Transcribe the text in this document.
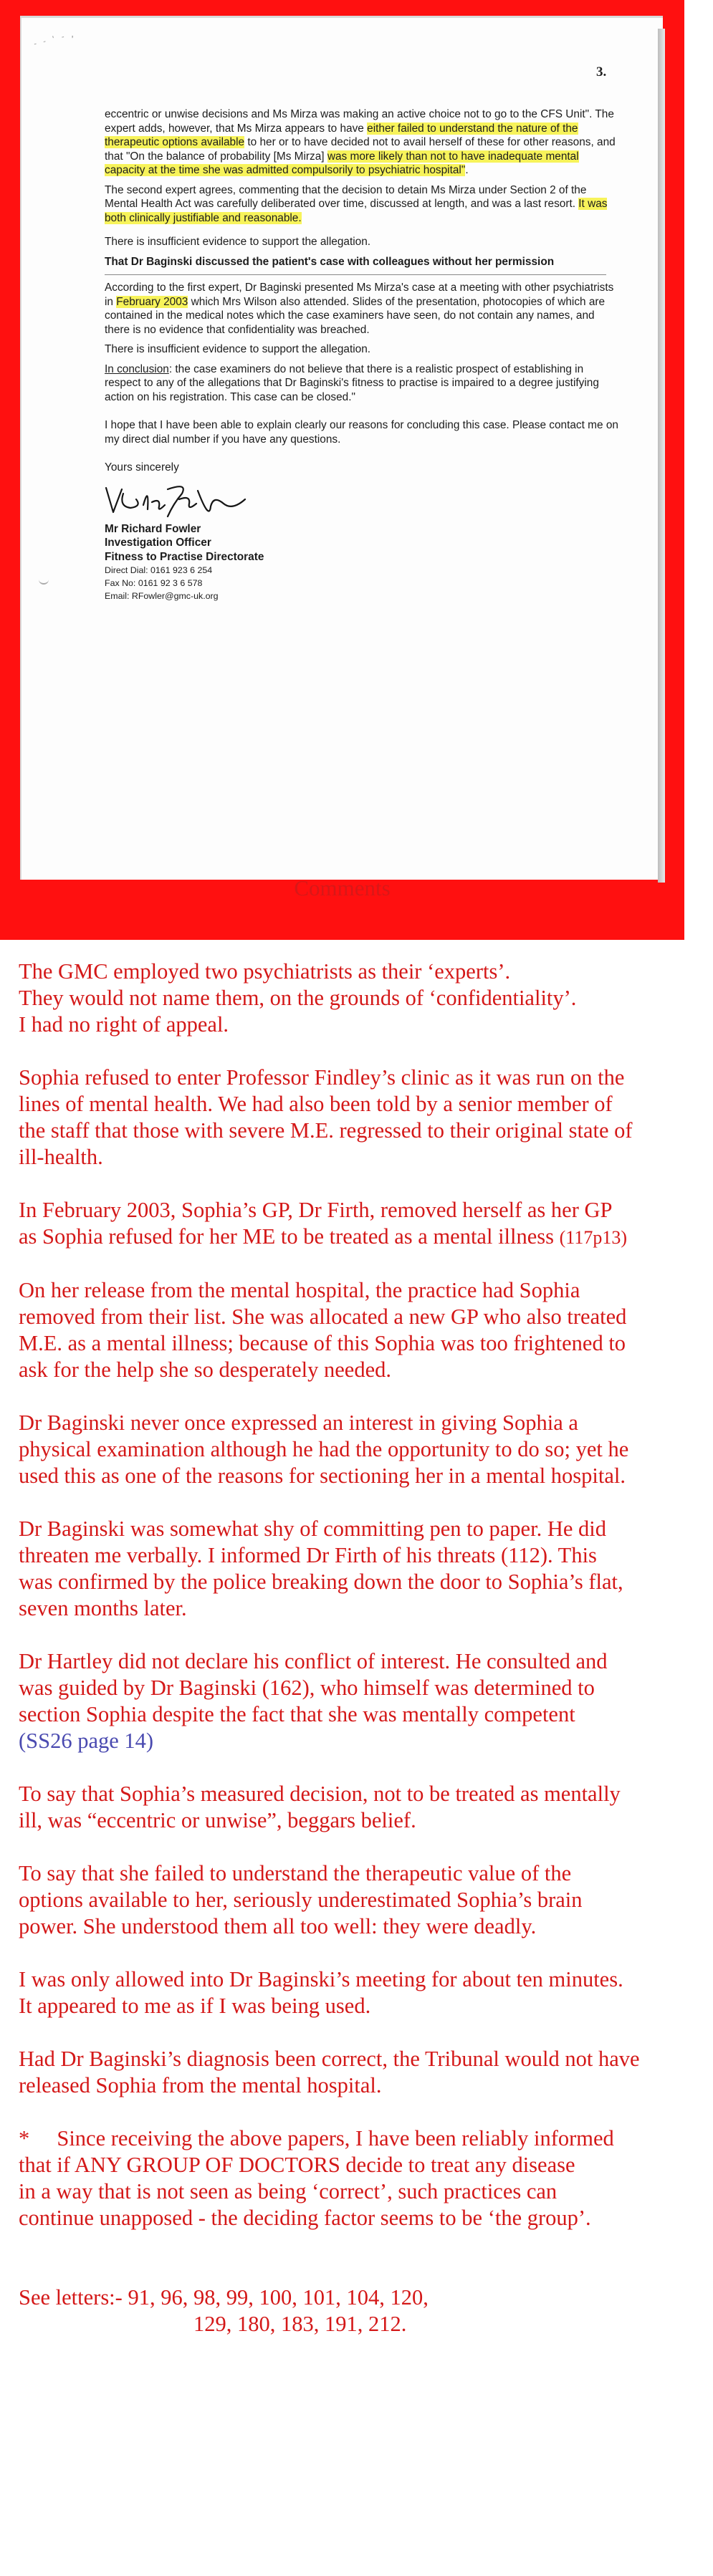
- - ' - ,
3.

eccentric or unwise decisions and Ms Mirza was making an active choice not to go to the CFS Unit". The expert adds, however, that Ms Mirza appears to have either failed to understand the nature of the therapeutic options available to her or to have decided not to avail herself of these for other reasons, and that "On the balance of probability [Ms Mirza] was more likely than not to have inadequate mental capacity at the time she was admitted compulsorily to psychiatric hospital".

The second expert agrees, commenting that the decision to detain Ms Mirza under Section 2 of the Mental Health Act was carefully deliberated over time, discussed at length, and was a last resort. It was both clinically justifiable and reasonable.

There is insufficient evidence to support the allegation.

That Dr Baginski discussed the patient's case with colleagues without her permission

According to the first expert, Dr Baginski presented Ms Mirza's case at a meeting with other psychiatrists in February 2003 which Mrs Wilson also attended. Slides of the presentation, photocopies of which are contained in the medical notes which the case examiners have seen, do not contain any names, and there is no evidence that confidentiality was breached.

There is insufficient evidence to support the allegation.

In conclusion: the case examiners do not believe that there is a realistic prospect of establishing in respect to any of the allegations that Dr Baginski's fitness to practise is impaired to a degree justifying action on his registration. This case can be closed."

I hope that I have been able to explain clearly our reasons for concluding this case. Please contact me on my direct dial number if you have any questions.

Yours sincerely
Mr Richard Fowler
Investigation Officer
Fitness to Practise Directorate
Direct Dial: 0161 923 6 254
Fax No: 0161 92 3 6 578
Email: RFowler@gmc-uk.org
Comments

The GMC employed two psychiatrists as their ‘experts’.

They would not name them, on the grounds of ‘confidentiality’.

I had no right of appeal.

Sophia refused to enter Professor Findley’s clinic as it was run on the

lines of mental health. We had also been told by a senior member of

the staff that those with severe M.E. regressed to their original state of

ill-health.

In February 2003, Sophia’s GP, Dr Firth, removed herself as her GP

as Sophia refused for her ME to be treated as a mental illness (117p13)

On her release from the mental hospital, the practice had Sophia

removed from their list. She was allocated a new GP who also treated

M.E. as a mental illness; because of this Sophia was too frightened to

ask for the help she so desperately needed.

Dr Baginski never once expressed an interest in giving Sophia a

physical examination although he had the opportunity to do so; yet he

used this as one of the reasons for sectioning her in a mental hospital.

Dr Baginski was somewhat shy of committing pen to paper. He did

threaten me verbally. I informed Dr Firth of his threats (112). This

was confirmed by the police breaking down the door to Sophia’s flat,

seven months later.

Dr Hartley did not declare his conflict of interest. He consulted and

was guided by Dr Baginski (162), who himself was determined to

section Sophia despite the fact that she was mentally competent

(SS26 page 14)

To say that Sophia’s measured decision, not to be treated as mentally

ill, was “eccentric or unwise”, beggars belief.

To say that she failed to understand the therapeutic value of the

options available to her, seriously underestimated Sophia’s brain

power. She understood them all too well: they were deadly.

I was only allowed into Dr Baginski’s meeting for about ten minutes.

It appeared to me as if I was being used.

Had Dr Baginski’s diagnosis been correct, the Tribunal would not have

released Sophia from the mental hospital.

*     Since receiving the above papers, I have been reliably informed

that if ANY GROUP OF DOCTORS decide to treat any disease

in a way that is not seen as being ‘correct’, such practices can

continue unapposed - the deciding factor seems to be ‘the group’.

See letters:- 91, 96, 98, 99, 100, 101, 104, 120,

129, 180, 183, 191, 212.
